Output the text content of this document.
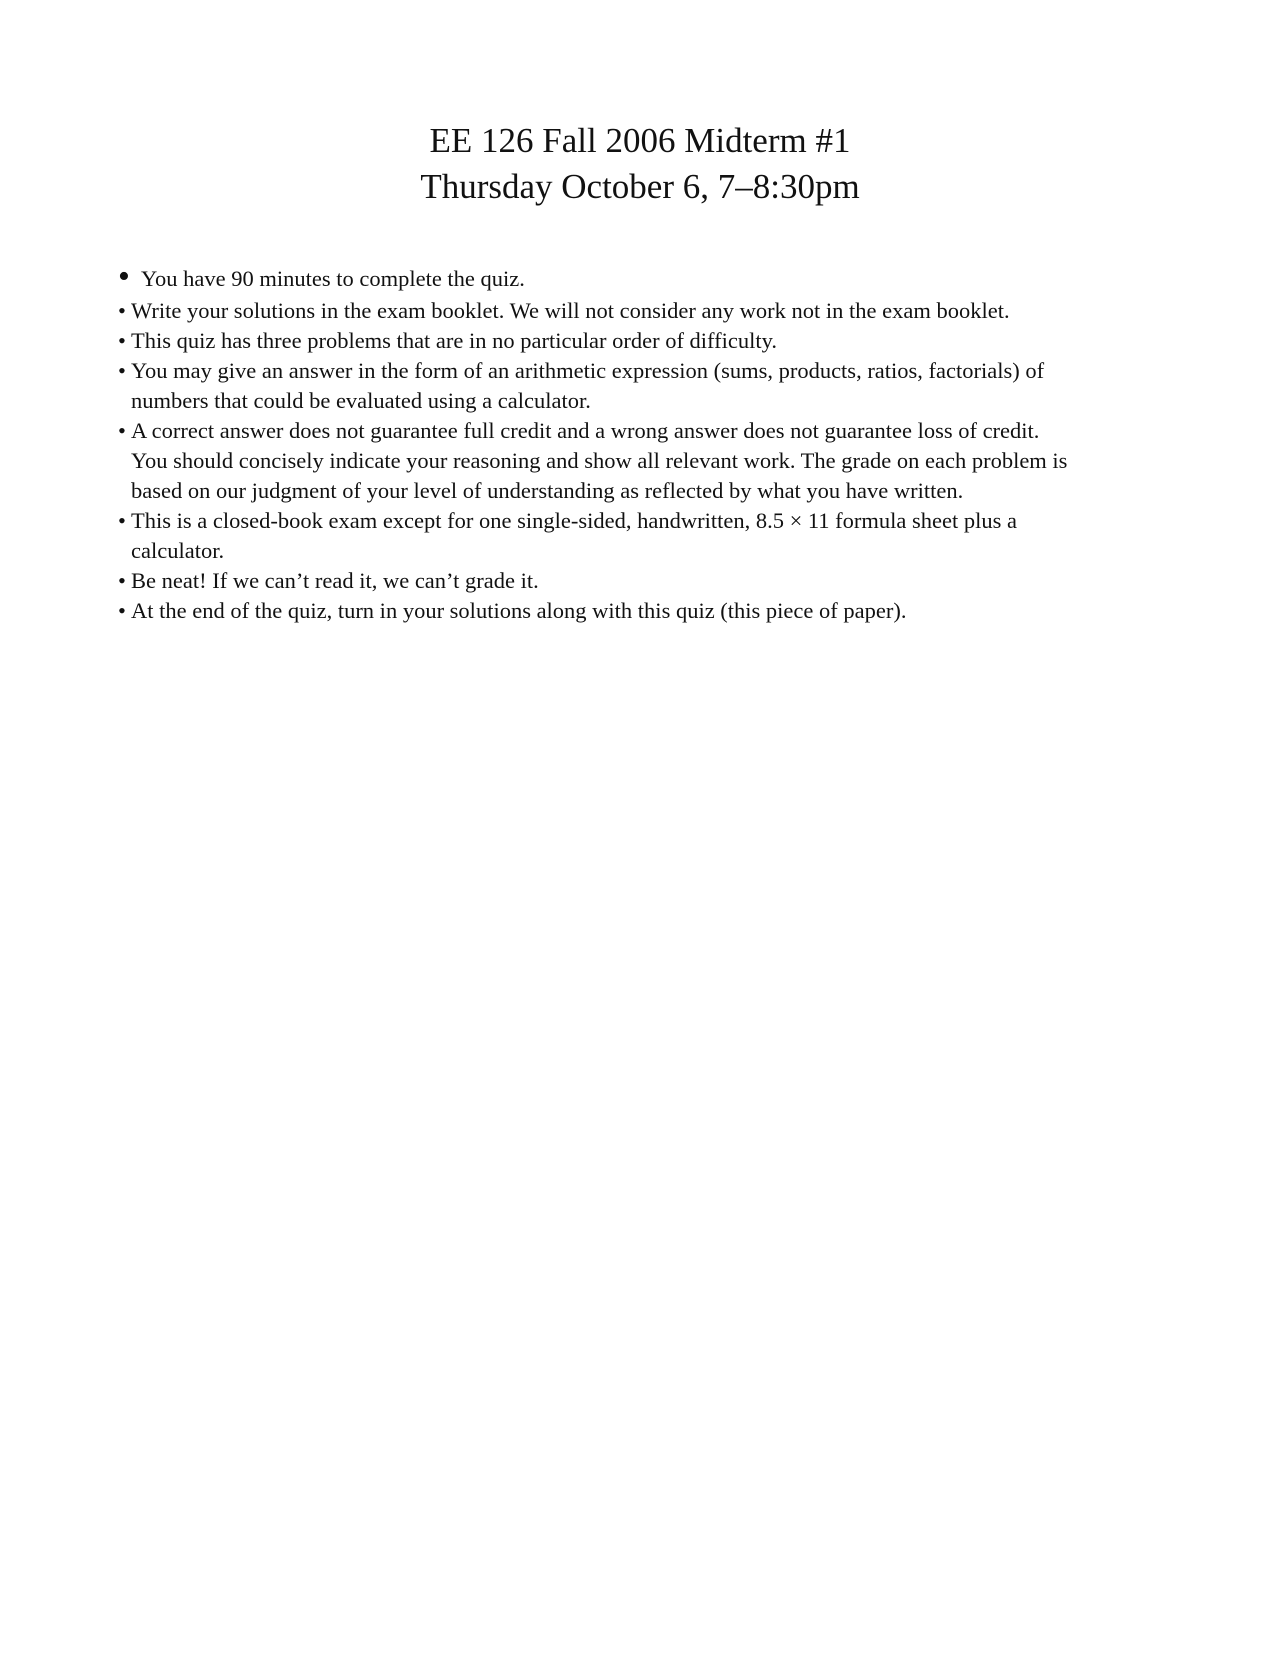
EE 126 Fall 2006 Midterm #1
Thursday October 6, 7–8:30pm
• You have 90 minutes to complete the quiz.
• Write your solutions in the exam booklet. We will not consider any work not in the exam booklet.
• This quiz has three problems that are in no particular order of difficulty.
• You may give an answer in the form of an arithmetic expression (sums, products, ratios, factorials) of numbers that could be evaluated using a calculator.
• A correct answer does not guarantee full credit and a wrong answer does not guarantee loss of credit. You should concisely indicate your reasoning and show all relevant work. The grade on each problem is based on our judgment of your level of understanding as reflected by what you have written.
• This is a closed-book exam except for one single-sided, handwritten, 8.5 × 11 formula sheet plus a calculator.
• Be neat! If we can’t read it, we can’t grade it.
• At the end of the quiz, turn in your solutions along with this quiz (this piece of paper).
